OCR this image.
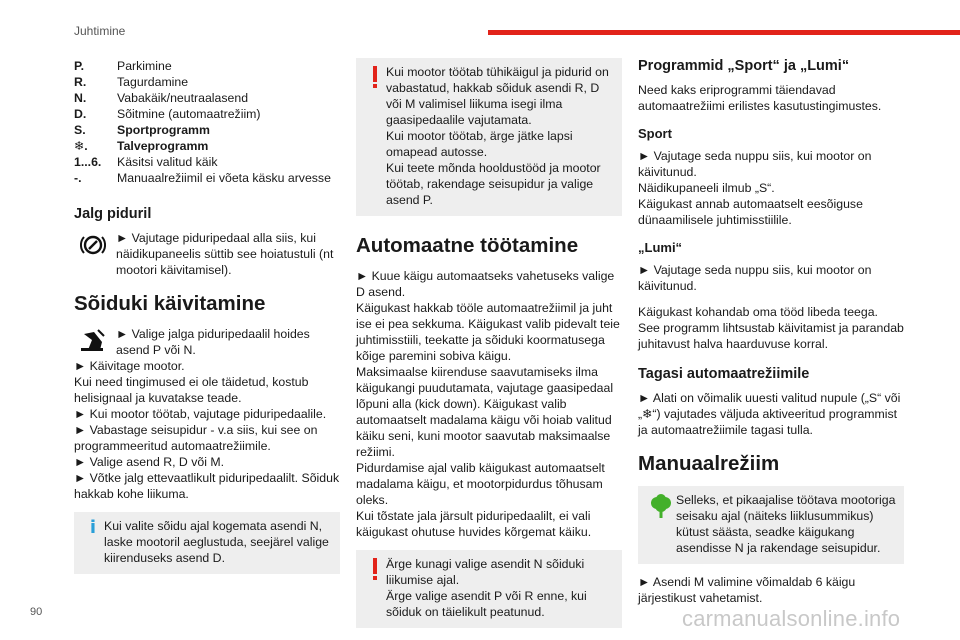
Juhtimine
P.	Parkimine
R.	Tagurdamine
N.	Vabakäik/neutraalasend
D.	Sõitmine (automaatrežiim)
S.	Sportprogramm
❄.	Talveprogramm
1...6.	Käsitsi valitud käik
-.	Manuaalrežiimil ei võeta käsku arvesse
Jalg piduril

► Vajutage piduripedaal alla siis, kui näidikupaneelis süttib see hoiatustuli (nt mootori käivitamisel).

Sõiduki käivitamine

► Valige jalga piduripedaalil hoides asend P või N.

► Käivitage mootor.

Kui need tingimused ei ole täidetud, kostub helisignaal ja kuvatakse teade.

► Kui mootor töötab, vajutage piduripedaalile.

► Vabastage seisupidur - v.a siis, kui see on programmeeritud automaatrežiimile.

► Valige asend R, D või M.

► Võtke jalg ettevaatlikult piduripedaalilt. Sõiduk hakkab kohe liikuma.

i Kui valite sõidu ajal kogemata asendi N, laske mootoril aeglustuda, seejärel valige kiirenduseks asend D.

Kui mootor töötab tühikäigul ja pidurid on vabastatud, hakkab sõiduk asendi R, D või M valimisel liikuma isegi ilma gaasipedaalile vajutamata.

Kui mootor töötab, ärge jätke lapsi omapead autosse.

Kui teete mõnda hooldustööd ja mootor töötab, rakendage seisupidur ja valige asend P.

Automaatne töötamine

► Kuue käigu automaatseks vahetuseks valige D asend.

Käigukast hakkab tööle automaatrežiimil ja juht ise ei pea sekkuma. Käigukast valib pidevalt teie juhtimisstiili, teekatte ja sõiduki koormatusega kõige paremini sobiva käigu.

Maksimaalse kiirenduse saavutamiseks ilma käigukangi puudutamata, vajutage gaasipedaal lõpuni alla (kick down). Käigukast valib automaatselt madalama käigu või hoiab valitud käiku seni, kuni mootor saavutab maksimaalse režiimi.

Pidurdamise ajal valib käigukast automaatselt madalama käigu, et mootorpidurdus tõhusam oleks.

Kui tõstate jala järsult piduripedaalilt, ei vali käigukast ohutuse huvides kõrgemat käiku.

Ärge kunagi valige asendit N sõiduki liikumise ajal.

Ärge valige asendit P või R enne, kui sõiduk on täielikult peatunud.

Programmid „Sport“ ja „Lumi“

Need kaks eriprogrammi täiendavad automaatrežiimi erilistes kasutustingimustes.

Sport

► Vajutage seda nuppu siis, kui mootor on käivitunud.

Näidikupaneeli ilmub „S“.

Käigukast annab automaatselt eesõiguse dünaamilisele juhtimisstiilile.

„Lumi“

► Vajutage seda nuppu siis, kui mootor on käivitunud.

Käigukast kohandab oma tööd libeda teega.

See programm lihtsustab käivitamist ja parandab juhitavust halva haarduvuse korral.

Tagasi automaatrežiimile

► Alati on võimalik uuesti valitud nupule („S“ või „❄“) vajutades väljuda aktiveeritud programmist ja automaatrežiimile tagasi tulla.

Manuaalrežiim

Selleks, et pikaajalise töötava mootoriga seisaku ajal (näiteks liiklusummikus) kütust säästa, seadke käigukang asendisse N ja rakendage seisupidur.

► Asendi M valimine võimaldab 6 käigu järjestikust vahetamist.

90	carmanualsonline.info
